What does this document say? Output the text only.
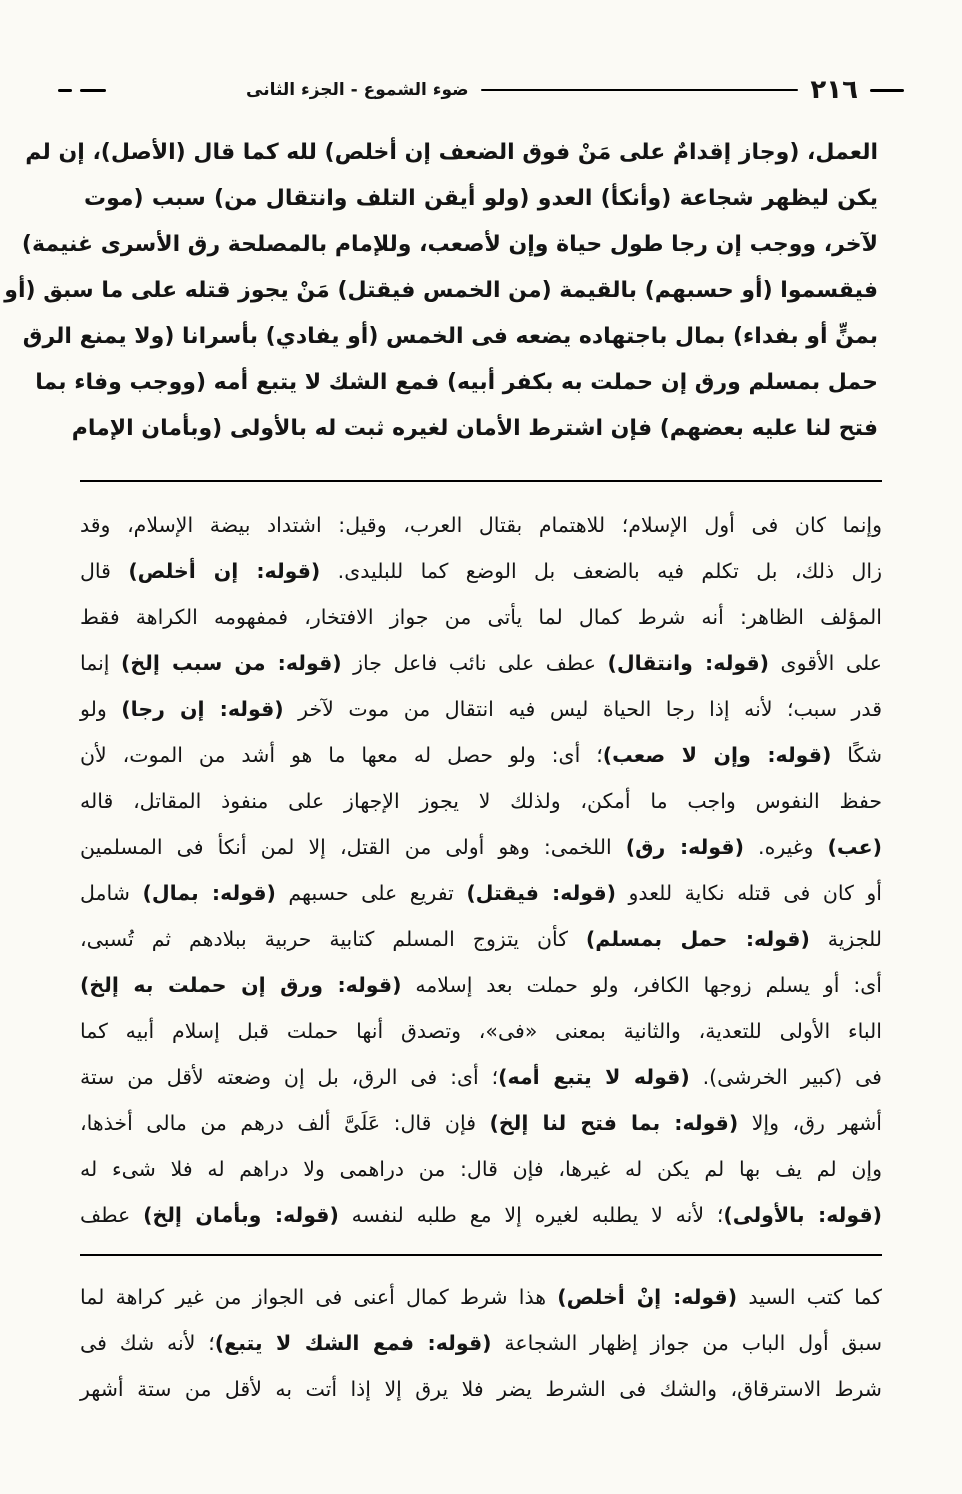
٢١٦
ضوء الشموع - الجزء الثانى
العمل، (وجاز إقدامٌ على مَنْ فوق الضعف إن أخلص) لله كما قال (الأصل)، إن لم
يكن ليظهر شجاعة (وأنكأ) العدو (ولو أيقن التلف وانتقال من) سبب (موت
لآخر، ووجب إن رجا طول حياة وإن لأصعب، وللإمام بالمصلحة رق الأسرى غنيمة)
فيقسموا (أو حسبهم) بالقيمة (من الخمس فيقتل) مَنْ يجوز قتله على ما سبق (أو
بمنٍّ أو بفداء) بمال باجتهاده يضعه فى الخمس (أو يفادي) بأسرانا (ولا يمنع الرق
حمل بمسلم ورق إن حملت به بكفر أبيه) فمع الشك لا يتبع أمه (ووجب وفاء بما
فتح لنا عليه بعضهم) فإن اشترط الأمان لغيره ثبت له بالأولى (وبأمان الإمام
وإنما كان فى أول الإسلام؛ للاهتمام بقتال العرب، وقيل: اشتداد بيضة الإسلام، وقد
زال ذلك، بل تكلم فيه بالضعف بل الوضع كما للبليدى. (قوله: إن أخلص) قال
المؤلف الظاهر: أنه شرط كمال لما يأتى من جواز الافتخار، فمفهومه الكراهة فقط
على الأقوى (قوله: وانتقال) عطف على نائب فاعل جاز (قوله: من سبب إلخ) إنما
قدر سبب؛ لأنه إذا رجا الحياة ليس فيه انتقال من موت لآخر (قوله: إن رجا) ولو
شكًا (قوله: وإن لا صعب)؛ أى: ولو حصل له معها ما هو أشد من الموت، لأن
حفظ النفوس واجب ما أمكن، ولذلك لا يجوز الإجهاز على منفوذ المقاتل، قاله
(عب) وغيره. (قوله: رق) اللخمى: وهو أولى من القتل، إلا لمن أنكأ فى المسلمين
أو كان فى قتله نكاية للعدو (قوله: فيقتل) تفريع على حسبهم (قوله: بمال) شامل
للجزية (قوله: حمل بمسلم) كأن يتزوج المسلم كتابية حربية ببلادهم ثم تُسبى،
أى: أو يسلم زوجها الكافر، ولو حملت بعد إسلامه (قوله: ورق إن حملت به إلخ)
الباء الأولى للتعدية، والثانية بمعنى «فى»، وتصدق أنها حملت قبل إسلام أبيه كما
فى (كبير الخرشى). (قوله لا يتبع أمه)؛ أى: فى الرق، بل إن وضعته لأقل من ستة
أشهر رق، وإلا (قوله: بما فتح لنا إلخ) فإن قال: عَلَىَّ ألف درهم من مالى أخذها،
وإن لم يف بها لم يكن له غيرها، فإن قال: من دراهمى ولا دراهم له فلا شىء له
(قوله: بالأولى)؛ لأنه لا يطلبه لغيره إلا مع طلبه لنفسه (قوله: وبأمان إلخ) عطف
كما كتب السيد (قوله: إنْ أخلص) هذا شرط كمال أعنى فى الجواز من غير كراهة لما
سبق أول الباب من جواز إظهار الشجاعة (قوله: فمع الشك لا يتبع)؛ لأنه شك فى
شرط الاسترقاق، والشك فى الشرط يضر فلا يرق إلا إذا أتت به لأقل من ستة أشهر
